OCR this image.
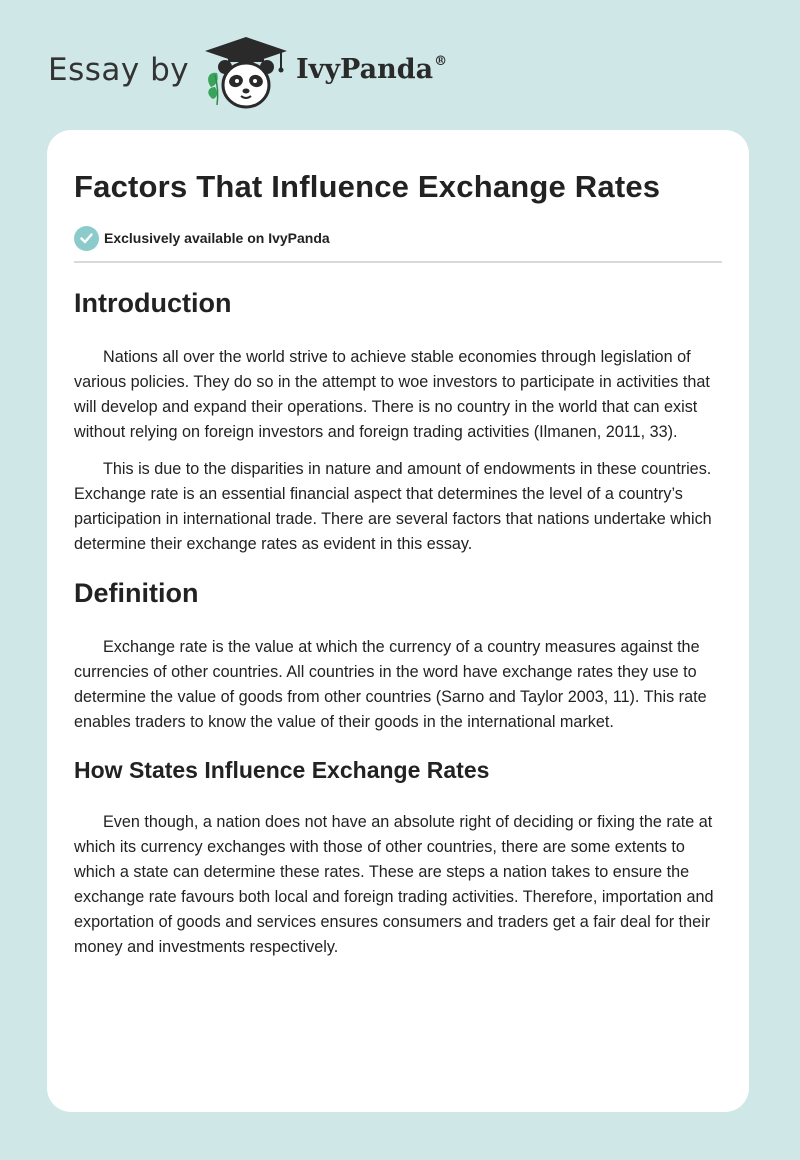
Essay by	IvyPanda®
Factors That Influence Exchange Rates
Exclusively available on IvyPanda
Introduction

Nations all over the world strive to achieve stable economies through legislation of various policies. They do so in the attempt to woe investors to participate in activities that will develop and expand their operations. There is no country in the world that can exist without relying on foreign investors and foreign trading activities (Ilmanen, 2011, 33).

This is due to the disparities in nature and amount of endowments in these countries. Exchange rate is an essential financial aspect that determines the level of a country’s participation in international trade. There are several factors that nations undertake which determine their exchange rates as evident in this essay.

Definition

Exchange rate is the value at which the currency of a country measures against the currencies of other countries. All countries in the word have exchange rates they use to determine the value of goods from other countries (Sarno and Taylor 2003, 11). This rate enables traders to know the value of their goods in the international market.

How States Influence Exchange Rates

Even though, a nation does not have an absolute right of deciding or fixing the rate at which its currency exchanges with those of other countries, there are some extents to which a state can determine these rates. These are steps a nation takes to ensure the exchange rate favours both local and foreign trading activities. Therefore, importation and exportation of goods and services ensures consumers and traders get a fair deal for their money and investments respectively.
